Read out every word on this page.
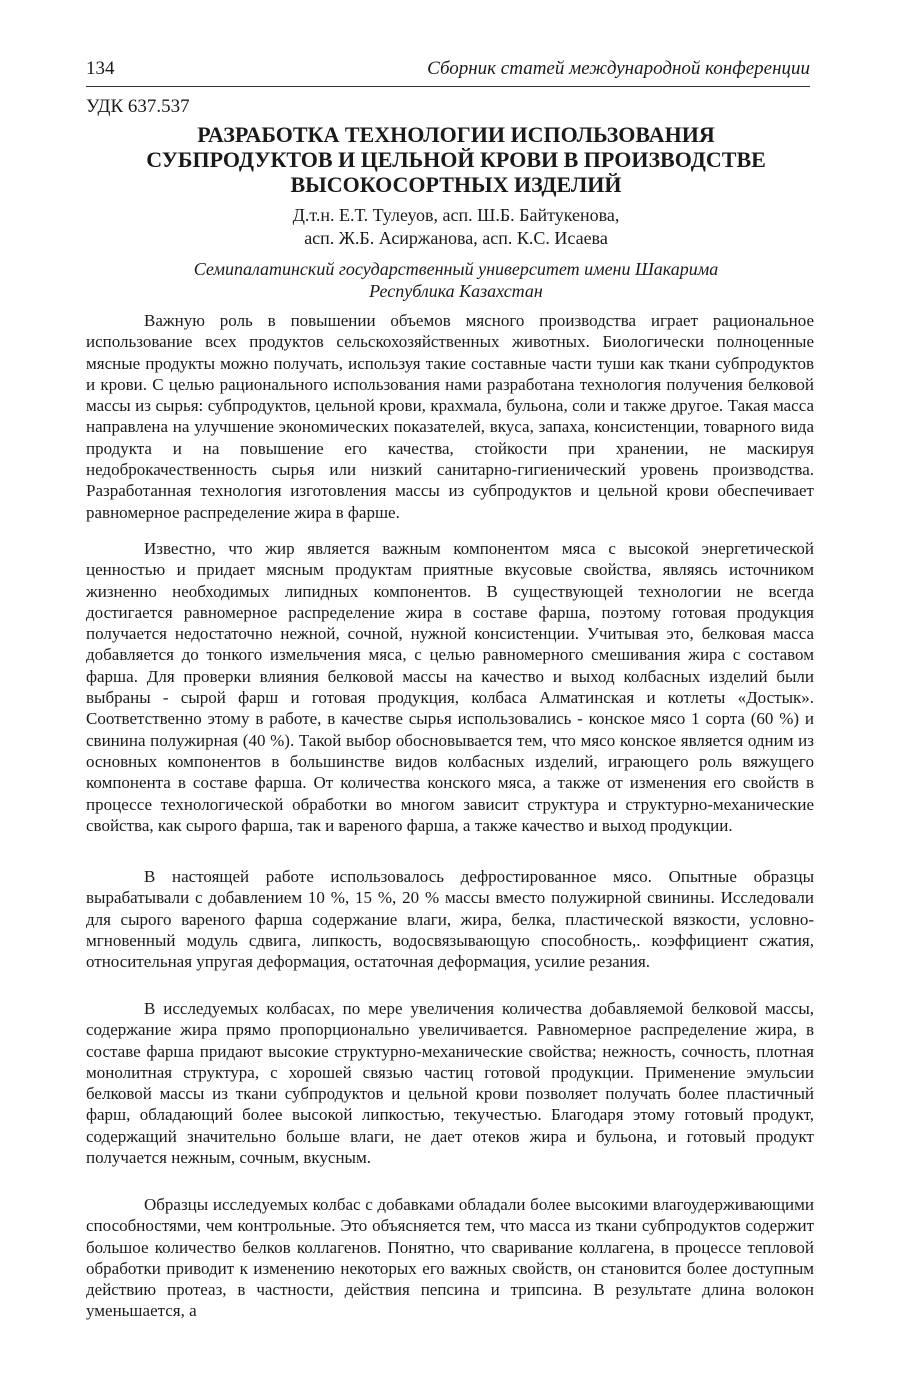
134	Сборник статей международной конференции
УДК 637.537
РАЗРАБОТКА ТЕХНОЛОГИИ ИСПОЛЬЗОВАНИЯ
СУБПРОДУКТОВ И ЦЕЛЬНОЙ КРОВИ В ПРОИЗВОДСТВЕ
ВЫСОКОСОРТНЫХ ИЗДЕЛИЙ
Д.т.н. Е.Т. Тулеуов, асп. Ш.Б. Байтукенова,
асп. Ж.Б. Асиржанова, асп. К.С. Исаева
Семипалатинский государственный университет имени Шакарима
Республика Казахстан

Важную роль в повышении объемов мясного производства играет рациональное использование всех продуктов сельскохозяйственных животных. Биологически полноценные мясные продукты можно получать, используя такие составные части туши как ткани субпродуктов и крови. С целью рационального использования нами разработана технология получения белковой массы из сырья: субпродуктов, цельной крови, крахмала, бульона, соли и также другое. Такая масса направлена на улучшение экономических показателей, вкуса, запаха, консистенции, товарного вида продукта и на повышение его качества, стойкости при хранении, не маскируя недоброкачественность сырья или низкий санитарно-гигиенический уровень производства. Разработанная технология изготовления массы из субпродуктов и цельной крови обеспечивает равномерное распределение жира в фарше.

Известно, что жир является важным компонентом мяса с высокой энергетической ценностью и придает мясным продуктам приятные вкусовые свойства, являясь источником жизненно необходимых липидных компонентов. В существующей технологии не всегда достигается равномерное распределение жира в составе фарша, поэтому готовая продукция получается недостаточно нежной, сочной, нужной консистенции. Учитывая это, белковая масса добавляется до тонкого измельчения мяса, с целью равномерного смешивания жира с составом фарша. Для проверки влияния белковой массы на качество и выход колбасных изделий были выбраны - сырой фарш и готовая продукция, колбаса Алматинская и котлеты «Достык». Соответственно этому в работе, в качестве сырья использовались - конское мясо 1 сорта (60 %) и свинина полужирная (40 %). Такой выбор обосновывается тем, что мясо конское является одним из основных компонентов в большинстве видов колбасных изделий, играющего роль вяжущего компонента в составе фарша. От количества конского мяса, а также от изменения его свойств в процессе технологической обработки во многом зависит структура и структурно-механические свойства, как сырого фарша, так и вареного фарша, а также качество и выход продукции.

В настоящей работе использовалось дефростированное мясо. Опытные образцы вырабатывали с добавлением 10 %, 15 %, 20 % массы вместо полужирной свинины. Исследовали для сырого вареного фарша содержание влаги, жира, белка, пластической вязкости, условно-мгновенный модуль сдвига, липкость, водосвязывающую способность,. коэффициент сжатия, относительная упругая деформация, остаточная деформация, усилие резания.

В исследуемых колбасах, по мере увеличения количества добавляемой белковой массы, содержание жира прямо пропорционально увеличивается. Равномерное распределение жира, в составе фарша придают высокие структурно-механические свойства; нежность, сочность, плотная монолитная структура, с хорошей связью частиц готовой продукции. Применение эмульсии белковой массы из ткани субпродуктов и цельной крови позволяет получать более пластичный фарш, обладающий более высокой липкостью, текучестью. Благодаря этому готовый продукт, содержащий значительно больше влаги, не дает отеков жира и бульона, и готовый продукт получается нежным, сочным, вкусным.

Образцы исследуемых колбас с добавками обладали более высокими влагоудерживающими способностями, чем контрольные. Это объясняется тем, что масса из ткани субпродуктов содержит большое количество белков коллагенов. Понятно, что сваривание коллагена, в процессе тепловой обработки приводит к изменению некоторых его важных свойств, он становится более доступным действию протеаз, в частности, действия пепсина и трипсина. В результате длина волокон уменьшается, а
